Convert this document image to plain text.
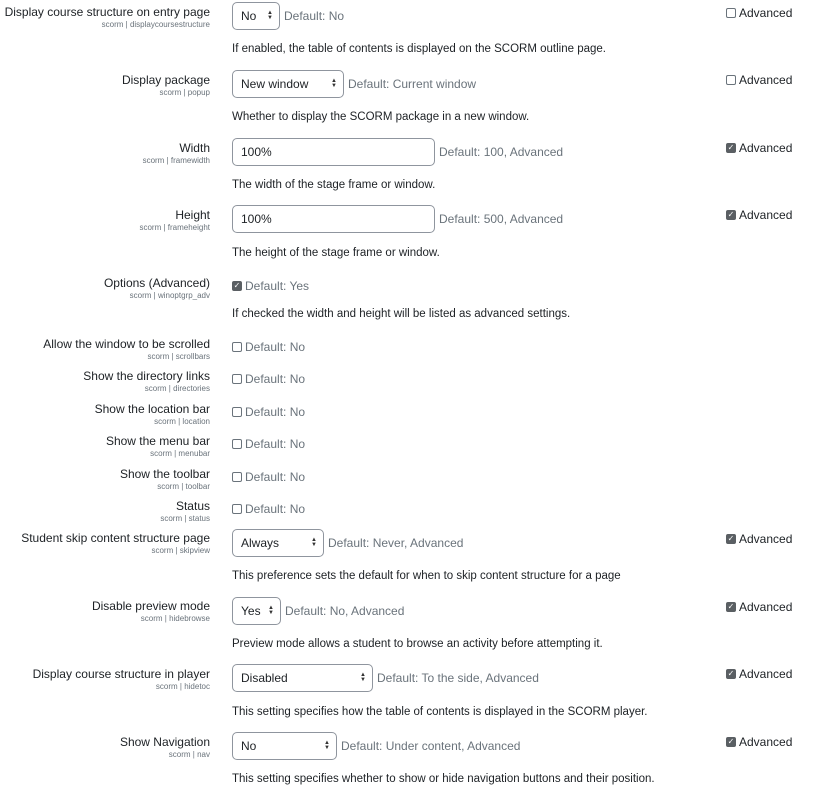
Display course structure on entry page
scorm | displaycoursestructure
No ▲
▼ Default: No	Advanced
If enabled, the table of contents is displayed on the SCORM outline page.
Display package
scorm | popup
New window	▲
▼ Default: Current window	Advanced
Whether to display the SCORM package in a new window.
Width
scorm | framewidth
100%	Default: 100, Advanced	✓ Advanced
The width of the stage frame or window.
Height
scorm | frameheight
100%	Default: 500, Advanced	✓ Advanced
The height of the stage frame or window.
Options (Advanced)
scorm | winoptgrp_adv
✓ Default: Yes
If checked the width and height will be listed as advanced settings.
Allow the window to be scrolled
scorm | scrollbars
Default: No
Show the directory links
scorm | directories
Default: No
Show the location bar
scorm | location
Default: No
Show the menu bar
scorm | menubar
Default: No
Show the toolbar
scorm | toolbar
Default: No
Status
scorm | status
Default: No
Student skip content structure page
scorm | skipview
Always	▲
▼ Default: Never, Advanced	✓ Advanced
This preference sets the default for when to skip content structure for a page
Disable preview mode
scorm | hidebrowse
Yes ▲
▼ Default: No, Advanced	✓ Advanced
Preview mode allows a student to browse an activity before attempting it.
Display course structure in player
scorm | hidetoc
Disabled	▲
▼ Default: To the side, Advanced	✓ Advanced
This setting specifies how the table of contents is displayed in the SCORM player.
Show Navigation
scorm | nav
No	▲
▼ Default: Under content, Advanced	✓ Advanced
This setting specifies whether to show or hide navigation buttons and their position.
